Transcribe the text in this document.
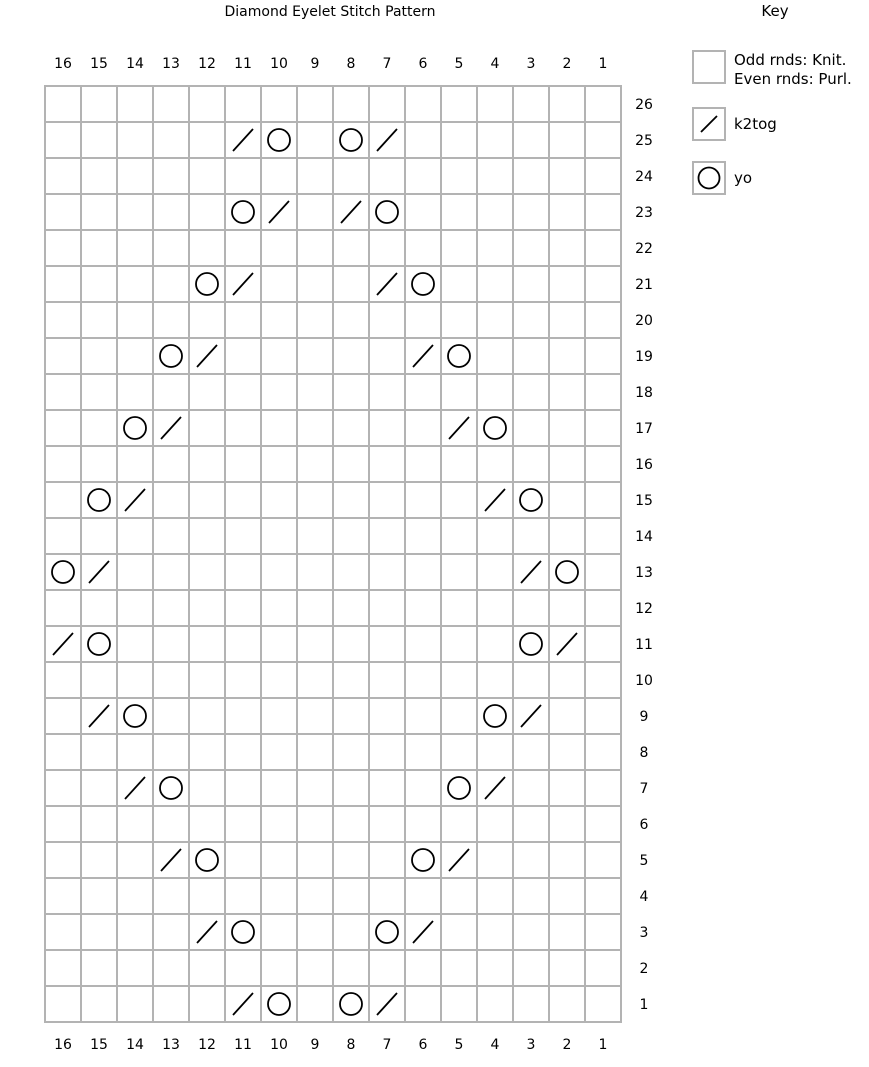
Diamond Eyelet Stitch Pattern
16
16
15
15
14
14
13
13
12
12
11
11
10
10
9
9
8
8
7
7
6
6
5
5
4
4
3
3
2
2
1
1
26
25
24
23
22
21
20
19
18
17
16
15
14
13
12
11
10
9
8
7
6
5
4
3
2
1
Key
Odd rnds: Knit.
Even rnds: Purl.
k2tog
yo
